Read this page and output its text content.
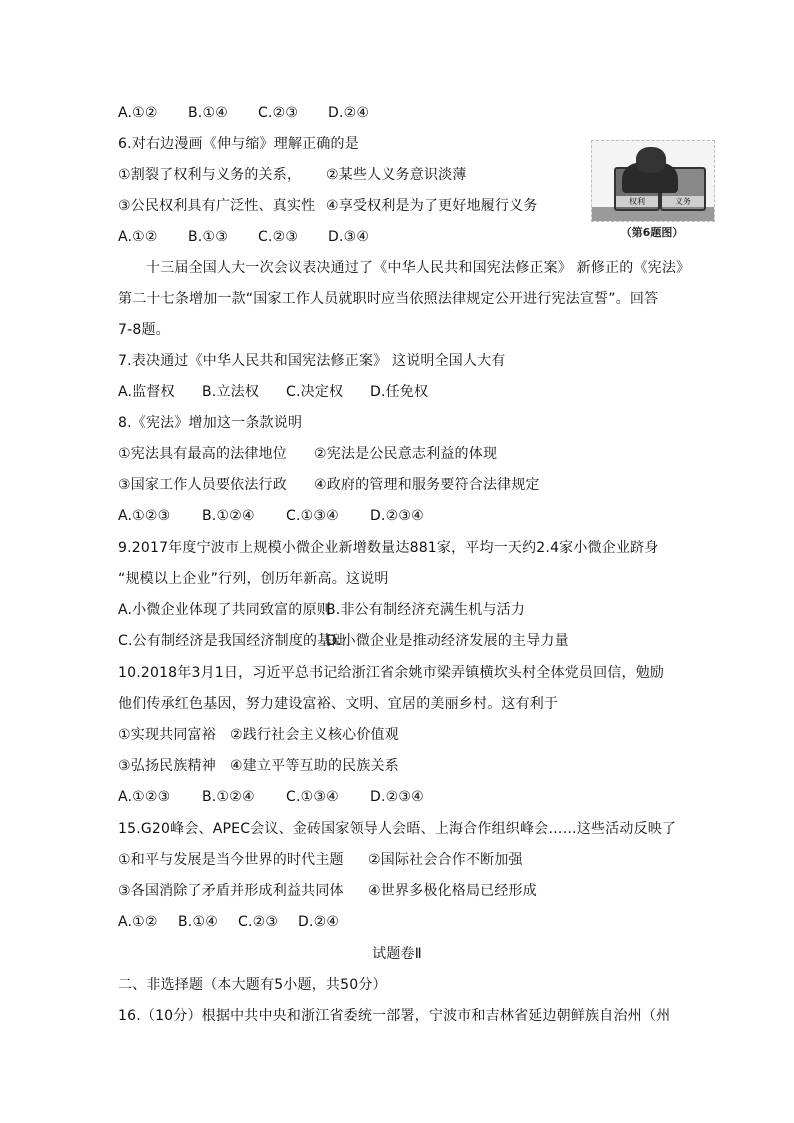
A.①② B.①④ C.②③ D.②④
6.对右边漫画《伸与缩》理解正确的是
①割裂了权利与义务的关系， ②某些人义务意识淡薄
③公民权利具有广泛性、真实性 ④享受权利是为了更好地履行义务
A.①② B.①③ C.②③ D.③④
权利	义务
（第6题图）
十三届全国人大一次会议表决通过了《中华人民共和国宪法修正案》 新修正的《宪法》
第二十七条增加一款“国家工作人员就职时应当依照法律规定公开进行宪法宣誓”。回答
7-8题。
7.表决通过《中华人民共和国宪法修正案》 这说明全国人大有
A.监督权 B.立法权 C.决定权 D.任免权
8.《宪法》增加这一条款说明
①宪法具有最高的法律地位 ②宪法是公民意志利益的体现
③国家工作人员要依法行政 ④政府的管理和服务要符合法律规定
A.①②③ B.①②④ C.①③④ D.②③④
9.2017年度宁波市上规模小微企业新增数量达881家，平均一天约2.4家小微企业跻身
“规模以上企业”行列，创历年新高。这说明
A.小微企业体现了共同致富的原则B.非公有制经济充满生机与活力
C.公有制经济是我国经济制度的基础D.小微企业是推动经济发展的主导力量
10.2018年3月1日，习近平总书记给浙江省余姚市梁弄镇横坎头村全体党员回信，勉励
他们传承红色基因，努力建设富裕、文明、宜居的美丽乡村。这有利于
①实现共同富裕 ②践行社会主义核心价值观
③弘扬民族精神 ④建立平等互助的民族关系
A.①②③ B.①②④ C.①③④ D.②③④
15.G20峰会、APEC会议、金砖国家领导人会晤、上海合作组织峰会……这些活动反映了
①和平与发展是当今世界的时代主题 ②国际社会合作不断加强
③各国消除了矛盾并形成利益共同体 ④世界多极化格局已经形成
A.①② B.①④ C.②③ D.②④
试题卷Ⅱ
二、非选择题（本大题有5小题，共50分）
16.（10分）根据中共中央和浙江省委统一部署，宁波市和吉林省延边朝鲜族自治州（州
